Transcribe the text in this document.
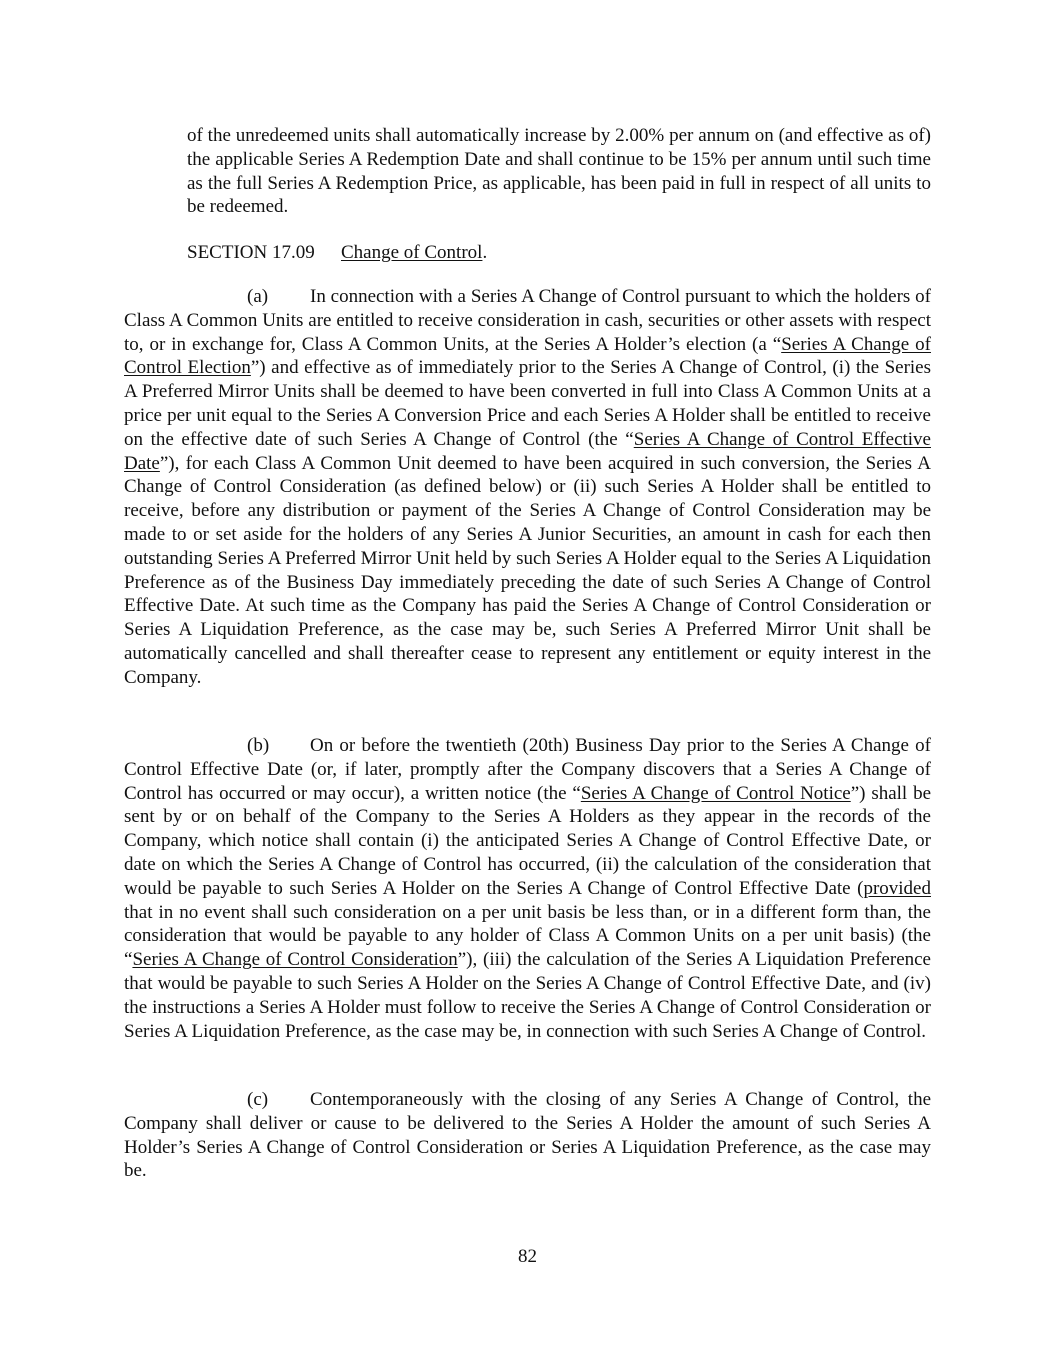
of the unredeemed units shall automatically increase by 2.00% per annum on (and effective as of) the applicable Series A Redemption Date and shall continue to be 15% per annum until such time as the full Series A Redemption Price, as applicable, has been paid in full in respect of all units to be redeemed.

SECTION 17.09 Change of Control.

(a) In connection with a Series A Change of Control pursuant to which the holders of Class A Common Units are entitled to receive consideration in cash, securities or other assets with respect to, or in exchange for, Class A Common Units, at the Series A Holder’s election (a “Series A Change of Control Election”) and effective as of immediately prior to the Series A Change of Control, (i) the Series A Preferred Mirror Units shall be deemed to have been converted in full into Class A Common Units at a price per unit equal to the Series A Conversion Price and each Series A Holder shall be entitled to receive on the effective date of such Series A Change of Control (the “Series A Change of Control Effective Date”), for each Class A Common Unit deemed to have been acquired in such conversion, the Series A Change of Control Consideration (as defined below) or (ii) such Series A Holder shall be entitled to receive, before any distribution or payment of the Series A Change of Control Consideration may be made to or set aside for the holders of any Series A Junior Securities, an amount in cash for each then outstanding Series A Preferred Mirror Unit held by such Series A Holder equal to the Series A Liquidation Preference as of the Business Day immediately preceding the date of such Series A Change of Control Effective Date. At such time as the Company has paid the Series A Change of Control Consideration or Series A Liquidation Preference, as the case may be, such Series A Preferred Mirror Unit shall be automatically cancelled and shall thereafter cease to represent any entitlement or equity interest in the Company.

(b) On or before the twentieth (20th) Business Day prior to the Series A Change of Control Effective Date (or, if later, promptly after the Company discovers that a Series A Change of Control has occurred or may occur), a written notice (the “Series A Change of Control Notice”) shall be sent by or on behalf of the Company to the Series A Holders as they appear in the records of the Company, which notice shall contain (i) the anticipated Series A Change of Control Effective Date, or date on which the Series A Change of Control has occurred, (ii) the calculation of the consideration that would be payable to such Series A Holder on the Series A Change of Control Effective Date (provided that in no event shall such consideration on a per unit basis be less than, or in a different form than, the consideration that would be payable to any holder of Class A Common Units on a per unit basis) (the “Series A Change of Control Consideration”), (iii) the calculation of the Series A Liquidation Preference that would be payable to such Series A Holder on the Series A Change of Control Effective Date, and (iv) the instructions a Series A Holder must follow to receive the Series A Change of Control Consideration or Series A Liquidation Preference, as the case may be, in connection with such Series A Change of Control.

(c) Contemporaneously with the closing of any Series A Change of Control, the Company shall deliver or cause to be delivered to the Series A Holder the amount of such Series A Holder’s Series A Change of Control Consideration or Series A Liquidation Preference, as the case may be.

82
